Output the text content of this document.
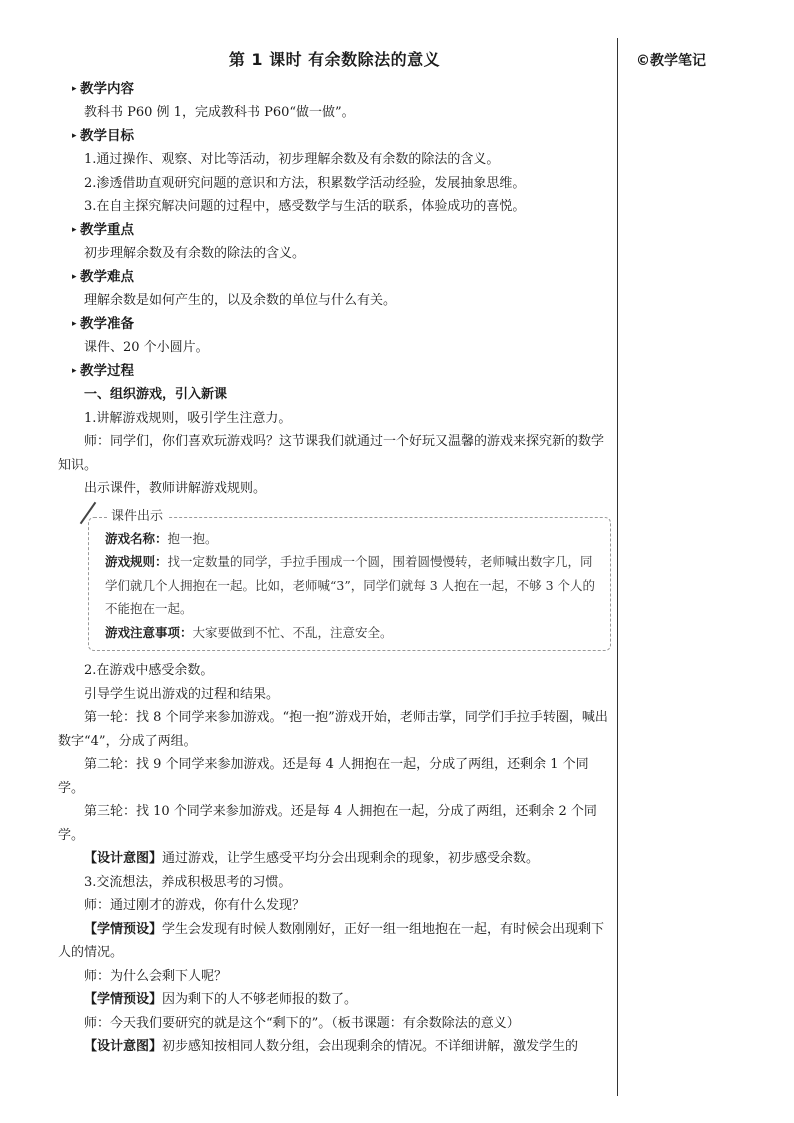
©教学笔记
第 1 课时 有余数除法的意义
▸ 教学内容

教科书 P60 例 1，完成教科书 P60“做一做”。

▸ 教学目标

1.通过操作、观察、对比等活动，初步理解余数及有余数的除法的含义。

2.渗透借助直观研究问题的意识和方法，积累数学活动经验，发展抽象思维。

3.在自主探究解决问题的过程中，感受数学与生活的联系，体验成功的喜悦。

▸ 教学重点

初步理解余数及有余数的除法的含义。

▸ 教学难点

理解余数是如何产生的，以及余数的单位与什么有关。

▸ 教学准备

课件、20 个小圆片。

▸ 教学过程
一、组织游戏，引入新课

1.讲解游戏规则，吸引学生注意力。

师：同学们，你们喜欢玩游戏吗？这节课我们就通过一个好玩又温馨的游戏来探究新的数学知识。

出示课件，教师讲解游戏规则。

课件出示
游戏名称：抱一抱。
游戏规则：找一定数量的同学，手拉手围成一个圆，围着圆慢慢转，老师喊出数字几，同学们就几个人拥抱在一起。比如，老师喊“3”，同学们就每 3 人抱在一起，不够 3 个人的不能抱在一起。
游戏注意事项：大家要做到不忙、不乱，注意安全。

2.在游戏中感受余数。

引导学生说出游戏的过程和结果。

第一轮：找 8 个同学来参加游戏。“抱一抱”游戏开始，老师击掌，同学们手拉手转圈，喊出数字“4”，分成了两组。

第二轮：找 9 个同学来参加游戏。还是每 4 人拥抱在一起，分成了两组，还剩余 1 个同学。

第三轮：找 10 个同学来参加游戏。还是每 4 人拥抱在一起，分成了两组，还剩余 2 个同学。

【设计意图】通过游戏，让学生感受平均分会出现剩余的现象，初步感受余数。

3.交流想法，养成积极思考的习惯。

师：通过刚才的游戏，你有什么发现？

【学情预设】学生会发现有时候人数刚刚好，正好一组一组地抱在一起，有时候会出现剩下人的情况。

师：为什么会剩下人呢？

【学情预设】因为剩下的人不够老师报的数了。

师：今天我们要研究的就是这个“剩下的”。（板书课题：有余数除法的意义）

【设计意图】初步感知按相同人数分组，会出现剩余的情况。不详细讲解，激发学生的
